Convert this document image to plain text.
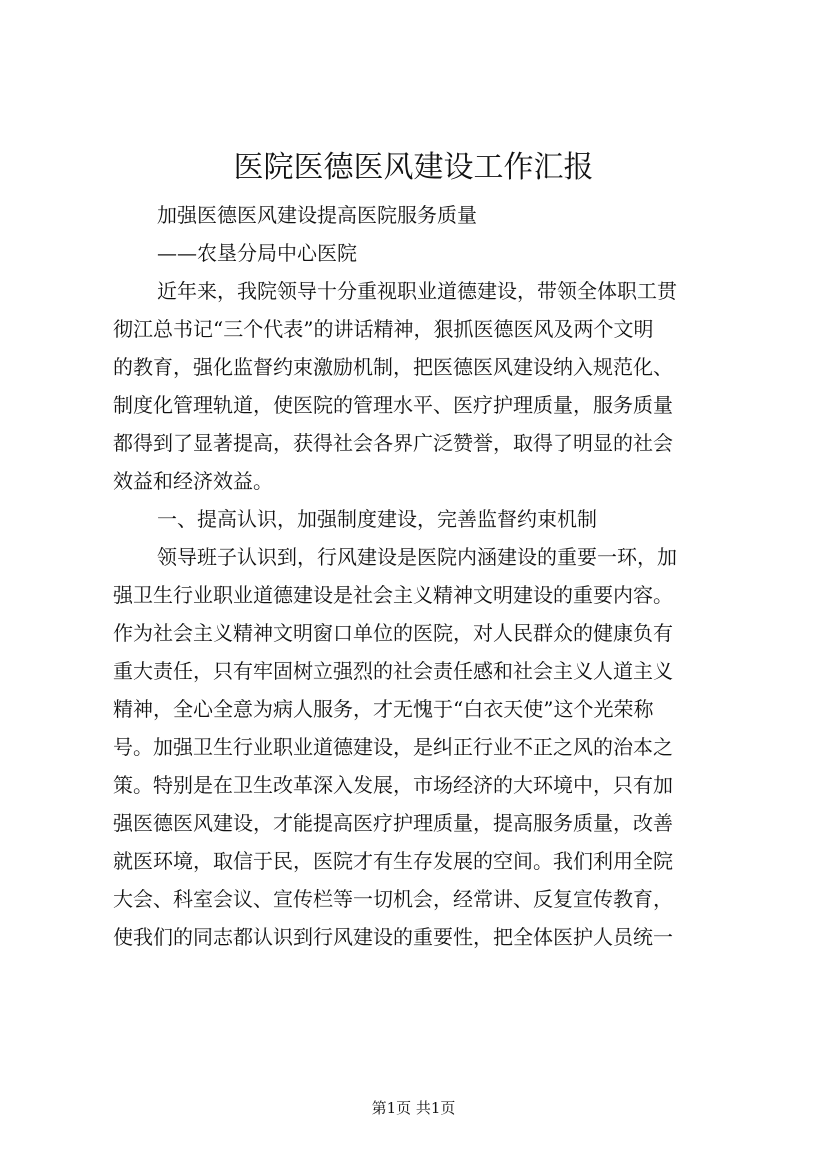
医院医德医风建设工作汇报
加强医德医风建设提高医院服务质量
——农垦分局中心医院
近年来，我院领导十分重视职业道德建设，带领全体职工贯
彻江总书记“三个代表”的讲话精神，狠抓医德医风及两个文明
的教育，强化监督约束激励机制，把医德医风建设纳入规范化、
制度化管理轨道，使医院的管理水平、医疗护理质量，服务质量
都得到了显著提高，获得社会各界广泛赞誉，取得了明显的社会
效益和经济效益。
一、提高认识，加强制度建设，完善监督约束机制
领导班子认识到，行风建设是医院内涵建设的重要一环，加
强卫生行业职业道德建设是社会主义精神文明建设的重要内容。
作为社会主义精神文明窗口单位的医院，对人民群众的健康负有
重大责任，只有牢固树立强烈的社会责任感和社会主义人道主义
精神，全心全意为病人服务，才无愧于“白衣天使”这个光荣称
号。加强卫生行业职业道德建设，是纠正行业不正之风的治本之
策。特别是在卫生改革深入发展，市场经济的大环境中，只有加
强医德医风建设，才能提高医疗护理质量，提高服务质量，改善
就医环境，取信于民，医院才有生存发展的空间。我们利用全院
大会、科室会议、宣传栏等一切机会，经常讲、反复宣传教育，
使我们的同志都认识到行风建设的重要性，把全体医护人员统一
第1页 共1页
